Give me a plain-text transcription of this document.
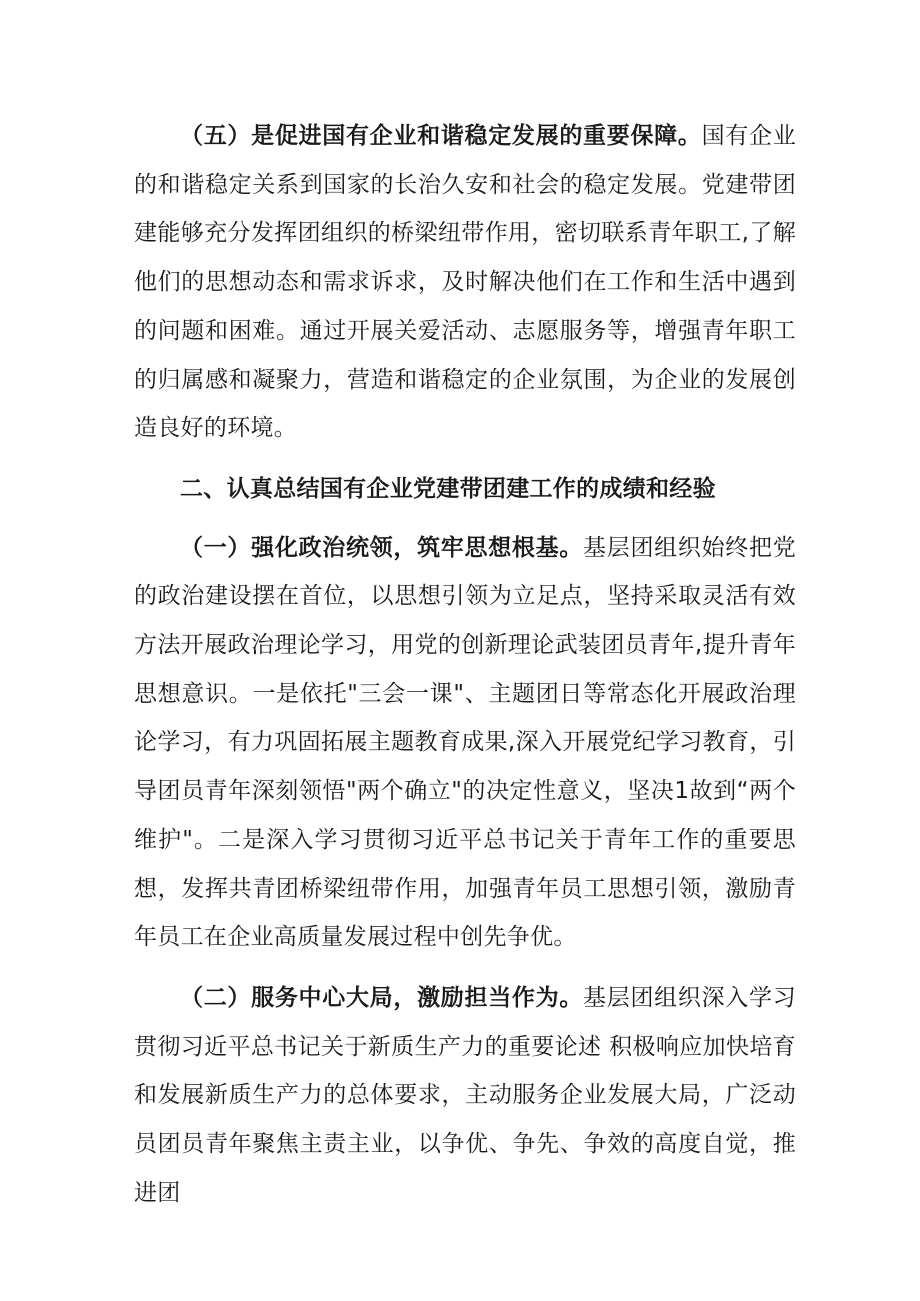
（五）是促进国有企业和谐稳定发展的重要保障。国有企业的和谐稳定关系到国家的长治久安和社会的稳定发展。党建带团建能够充分发挥团组织的桥梁纽带作用，密切联系青年职工,了解他们的思想动态和需求诉求，及时解决他们在工作和生活中遇到的问题和困难。通过开展关爱活动、志愿服务等，增强青年职工的归属感和凝聚力，营造和谐稳定的企业氛围，为企业的发展创造良好的环境。

二、认真总结国有企业党建带团建工作的成绩和经验

（一）强化政治统领，筑牢思想根基。基层团组织始终把党的政治建设摆在首位，以思想引领为立足点，坚持采取灵活有效方法开展政治理论学习，用党的创新理论武装团员青年,提升青年思想意识。一是依托"三会一课"、主题团日等常态化开展政治理论学习，有力巩固拓展主题教育成果,深入开展党纪学习教育，引导团员青年深刻领悟"两个确立"的决定性意义，坚决1故到“两个维护"。二是深入学习贯彻习近平总书记关于青年工作的重要思想，发挥共青团桥梁纽带作用，加强青年员工思想引领，激励青年员工在企业高质量发展过程中创先争优。

（二）服务中心大局，激励担当作为。基层团组织深入学习贯彻习近平总书记关于新质生产力的重要论述 积极响应加快培育和发展新质生产力的总体要求，主动服务企业发展大局，广泛动员团员青年聚焦主责主业，以争优、争先、争效的高度自觉，推进团
